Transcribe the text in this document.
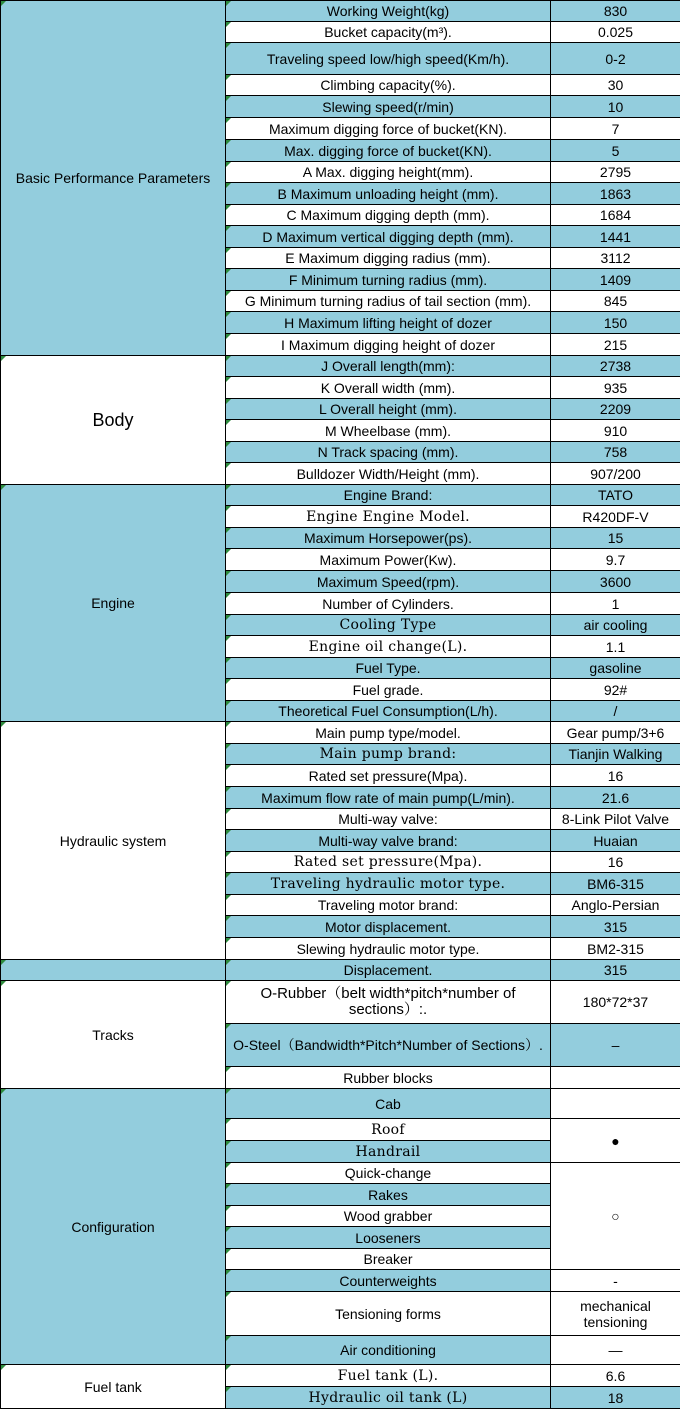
Basic Performance Parameters	Working Weight(kg)	830
	Bucket capacity(m³).	0.025
	Traveling speed low/high speed(Km/h).	0-2
	Climbing capacity(%).	30
	Slewing speed(r/min)	10
	Maximum digging force of bucket(KN).	7
	Max. digging force of bucket(KN).	5
	A Max. digging height(mm).	2795
	B Maximum unloading height (mm).	1863
	C Maximum digging depth (mm).	1684
	D Maximum vertical digging depth (mm).	1441
	E Maximum digging radius (mm).	3112
	F Minimum turning radius (mm).	1409
	G Minimum turning radius of tail section (mm).	845
	H Maximum lifting height of dozer	150
	I Maximum digging height of dozer	215
Body	J Overall length(mm):	2738
	K Overall width (mm).	935
	L Overall height (mm).	2209
	M Wheelbase (mm).	910
	N Track spacing (mm).	758
	Bulldozer Width/Height (mm).	907/200
Engine	Engine Brand:	TATO
	Engine Engine Model.	R420DF-V
	Maximum Horsepower(ps).	15
	Maximum Power(Kw).	9.7
	Maximum Speed(rpm).	3600
	Number of Cylinders.	1
	Cooling Type	air cooling
	Engine oil change(L).	1.1
	Fuel Type.	gasoline
	Fuel grade.	92#
	Theoretical Fuel Consumption(L/h).	/
Hydraulic system	Main pump type/model.	Gear pump/3+6
	Main pump brand:	Tianjin Walking
	Rated set pressure(Mpa).	16
	Maximum flow rate of main pump(L/min).	21.6
	Multi-way valve:	8-Link Pilot Valve
	Multi-way valve brand:	Huaian
	Rated set pressure(Mpa).	16
	Traveling hydraulic motor type.	BM6-315
	Traveling motor brand:	Anglo-Persian
	Motor displacement.	315
	Slewing hydraulic motor type.	BM2-315

	Displacement.	315
Tracks	O-Rubber（belt width*pitch*number of sections）:.	180*72*37
	O-Steel（Bandwidth*Pitch*Number of Sections）.	–
	Rubber blocks

Configuration	Cab

	Roof	●
	Handrail	

	Quick-change	○
	Rakes	

	Wood grabber	

	Looseners	

	Breaker	

	Counterweights	-
	Tensioning forms	mechanical tensioning
	Air conditioning	—
Fuel tank	Fuel tank (L).	6.6
	Hydraulic oil tank (L)	18
